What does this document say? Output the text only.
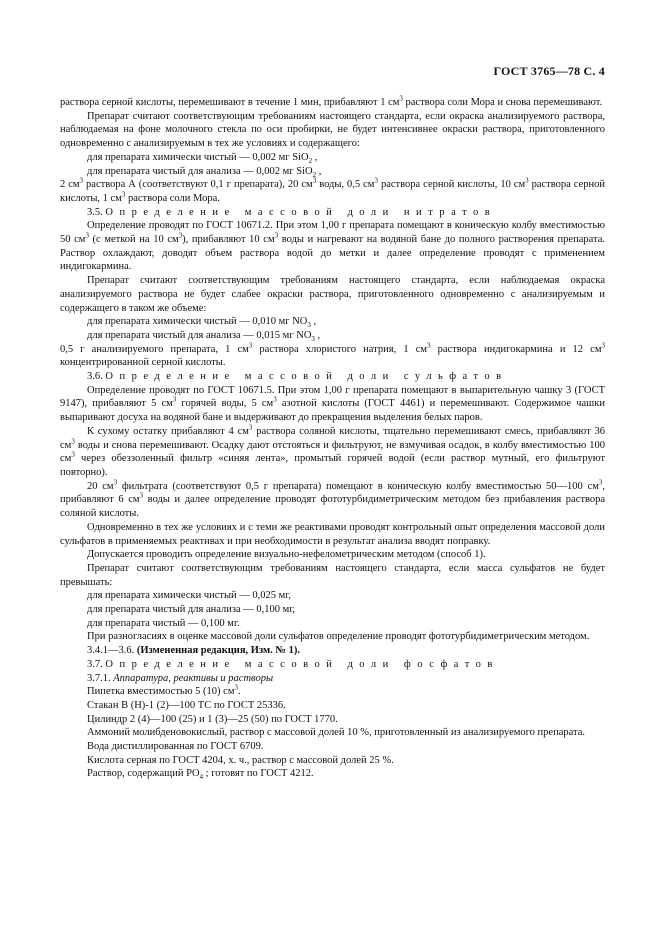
ГОСТ 3765—78 С. 4

раствора серной кислоты, перемешивают в течение 1 мин, прибавляют 1 $см^3$ раствора соли Мора и снова перемешивают.

Препарат считают соответствующим требованиям настоящего стандарта, если окраска анализируемого раствора, наблюдаемая на фоне молочного стекла по оси пробирки, не будет интенсивнее окраски раствора, приготовленного одновременно с анализируемым в тех же условиях и содержащего:

для препарата химически чистый — 0,002 мг SiO$_2$ ,

для препарата чистый для анализа — 0,002 мг SiO$_2$ ,

2 $см^3$ раствора А (соответствуют 0,1 г препарата), 20 $см^3$ воды, 0,5 $см^3$ раствора серной кислоты, 10 $см^3$ раствора серной кислоты, 1 $см^3$ раствора соли Мора.

3.5. Определение массовой доли нитратов

Определение проводят по ГОСТ 10671.2. При этом 1,00 г препарата помещают в коническую колбу вместимостью 50 $см^3$ (с меткой на 10 $см^3$), прибавляют 10 $см^3$ воды и нагревают на водяной бане до полного растворения препарата. Раствор охлаждают, доводят объем раствора водой до метки и далее определение проводят с применением индигокармина.

Препарат считают соответствующим требованиям настоящего стандарта, если наблюдаемая окраска анализируемого раствора не будет слабее окраски раствора, приготовленного одновременно с анализируемым и содержащего в таком же объеме:

для препарата химически чистый — 0,010 мг $NO_3$ ,

для препарата чистый для анализа — 0,015 мг $NO_3$ ,

0,5 г анализируемого препарата, 1 $см^3$ раствора хлористого натрия, 1 $см^3$ раствора индигокармина и 12 $см^3$ концентрированной серной кислоты.

3.6. Определение массовой доли сульфатов

Определение проводят по ГОСТ 10671.5. При этом 1,00 г препарата помещают в выпарительную чашку 3 (ГОСТ 9147), прибавляют 5 $см^3$ горячей воды, 5 $см^3$ азотной кислоты (ГОСТ 4461) и перемешивают. Содержимое чашки выпаривают досуха на водяной бане и выдерживают до прекращения выделения белых паров.

К сухому остатку прибавляют 4 $см^3$ раствора соляной кислоты, тщательно перемешивают смесь, прибавляют 36 $см^3$ воды и снова перемешивают. Осадку дают отстояться и фильтруют, не взмучивая осадок, в колбу вместимостью 100 $см^3$ через обеззоленный фильтр «синяя лента», промытый горячей водой (если раствор мутный, его фильтруют повторно).

20 $см^3$ фильтрата (соответствуют 0,5 г препарата) помещают в коническую колбу вместимостью 50—100 $см^3$, прибавляют 6 $см^3$ воды и далее определение проводят фототурбидиметрическим методом без прибавления раствора соляной кислоты.

Одновременно в тех же условиях и с теми же реактивами проводят контрольный опыт определения массовой доли сульфатов в применяемых реактивах и при необходимости в результат анализа вводят поправку.

Допускается проводить определение визуально-нефелометрическим методом (способ 1).

Препарат считают соответствующим требованиям настоящего стандарта, если масса сульфатов не будет превышать:

для препарата химически чистый — 0,025 мг,

для препарата чистый для анализа — 0,100 мг,

для препарата чистый — 0,100 мг.

При разногласиях в оценке массовой доли сульфатов определение проводят фототурбидиметрическим методом.

3.4.1—3.6. (Измененная редакция, Изм. № 1).

3.7. Определение массовой доли фосфатов

3.7.1. Аппаратура, реактивы и растворы

Пипетка вместимостью 5 (10) $см^3$.

Стакан В (Н)-1 (2)—100 ТС по ГОСТ 25336.

Цилиндр 2 (4)—100 (25) и 1 (3)—25 (50) по ГОСТ 1770.

Аммоний молибденовокислый, раствор с массовой долей 10 %, приготовленный из анализируемого препарата.

Вода дистиллированная по ГОСТ 6709.

Кислота серная по ГОСТ 4204, х. ч., раствор с массовой долей 25 %.

Раствор, содержащий $PO_4$ ; готовят по ГОСТ 4212.
